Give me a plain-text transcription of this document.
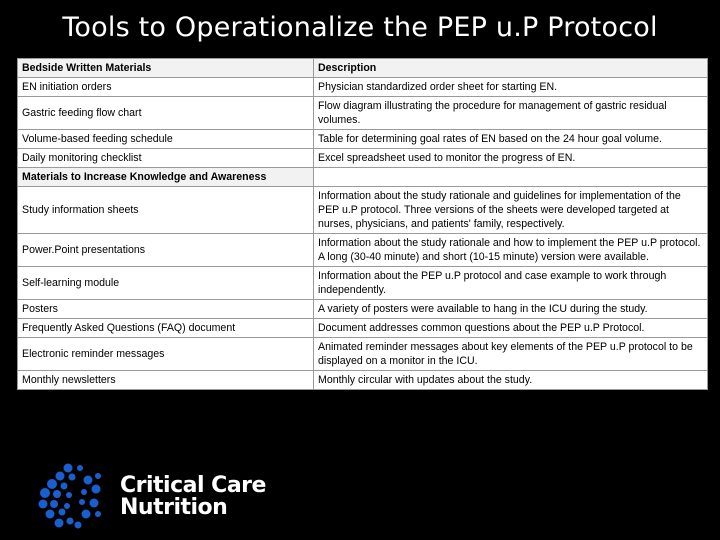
Tools to Operationalize the PEP u.P Protocol
Bedside Written Materials	Description
EN initiation orders	Physician standardized order sheet for starting EN.
Gastric feeding flow chart	Flow diagram illustrating the procedure for management of gastric residual volumes.
Volume-based feeding schedule	Table for determining goal rates of EN based on the 24 hour goal volume.
Daily monitoring checklist	Excel spreadsheet used to monitor the progress of EN.
Materials to Increase Knowledge and Awareness	
Study information sheets	Information about the study rationale and guidelines for implementation of the PEP u.P protocol. Three versions of the sheets were developed targeted at nurses, physicians, and patients' family, respectively.
Power.Point presentations	Information about the study rationale and how to implement the PEP u.P protocol. A long (30-40 minute) and short (10-15 minute) version were available.
Self-learning module	Information about the PEP u.P protocol and case example to work through independently.
Posters	A variety of posters were available to hang in the ICU during the study.
Frequently Asked Questions (FAQ) document	Document addresses common questions about the PEP u.P Protocol.
Electronic reminder messages	Animated reminder messages about key elements of the PEP u.P protocol to be displayed on a monitor in the ICU.
Monthly newsletters	Monthly circular with updates about the study.
Critical Care
Nutrition
